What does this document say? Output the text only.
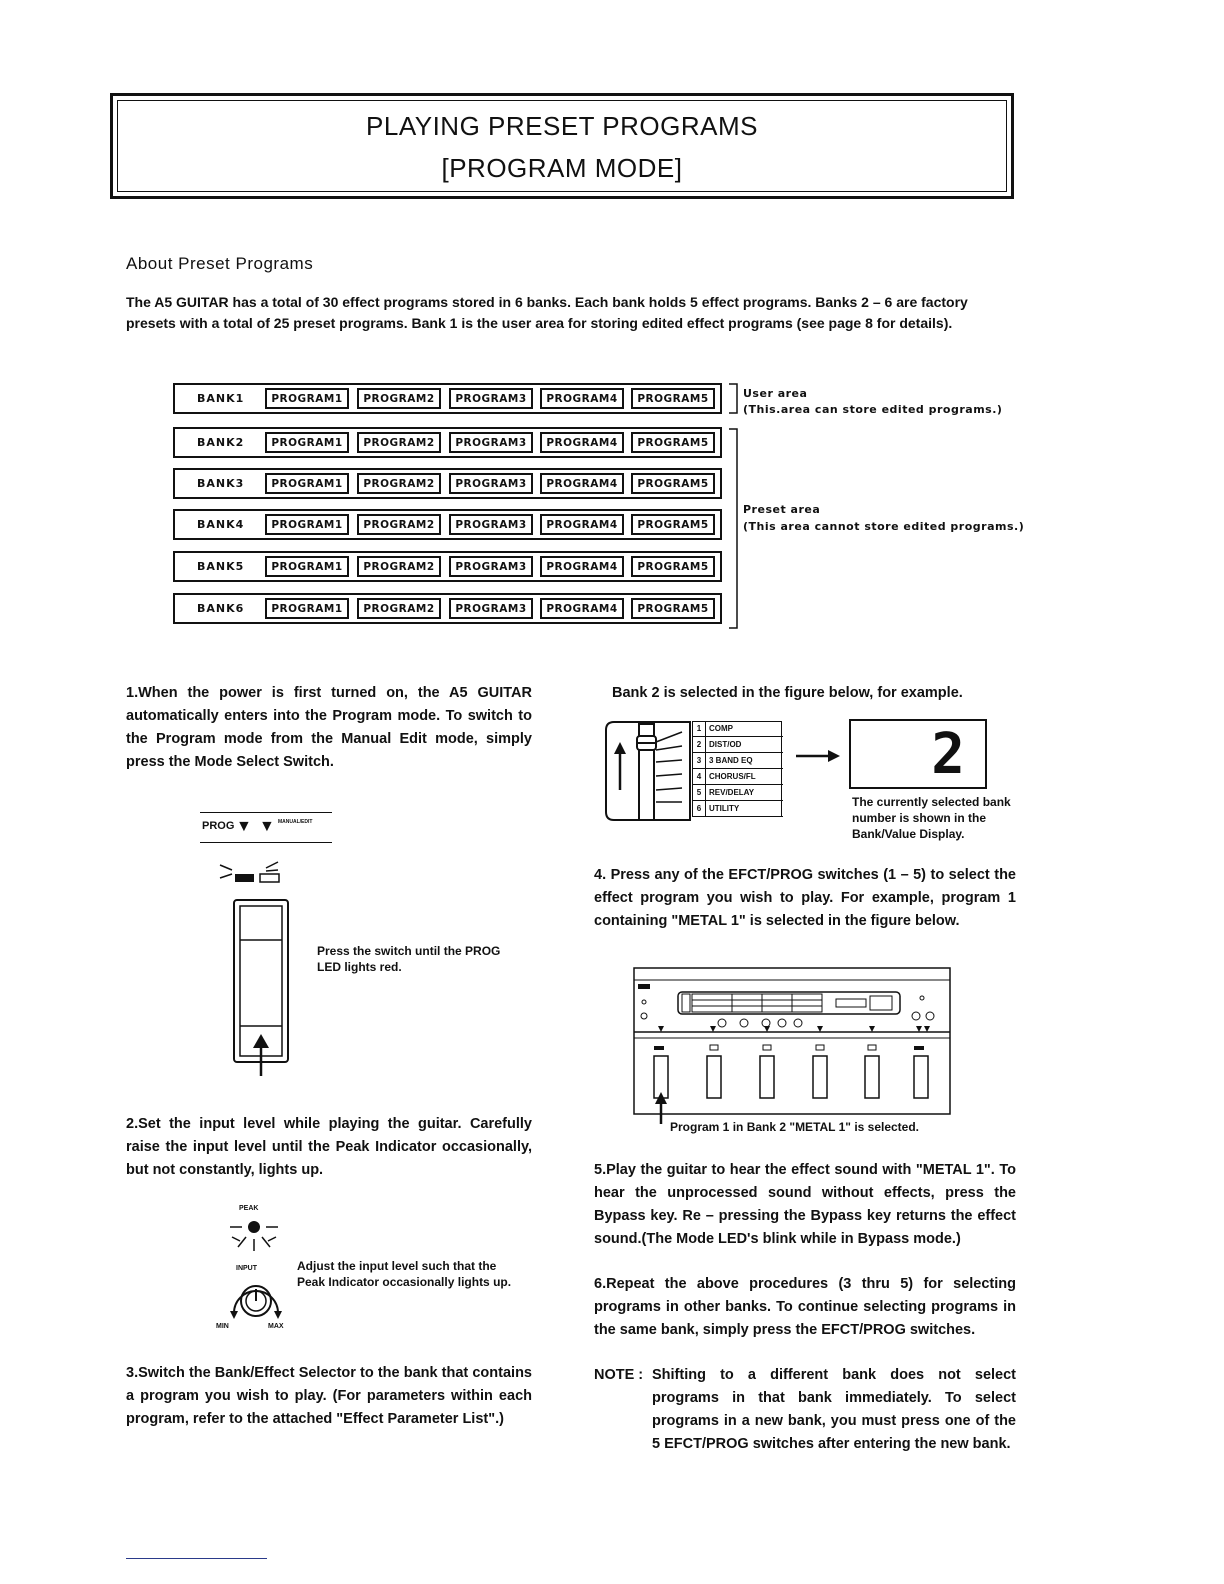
PLAYING PRESET PROGRAMS
[PROGRAM MODE]
About Preset Programs
The A5 GUITAR has a total of 30 effect programs stored in 6 banks. Each bank holds 5 effect programs. Banks 2 – 6 are factory presets with a total of 25 preset programs. Bank 1 is the user area for storing edited effect programs (see page 8 for details).
BANK1	PROGRAM1	PROGRAM2	PROGRAM3	PROGRAM4	PROGRAM5
BANK2	PROGRAM1	PROGRAM2	PROGRAM3	PROGRAM4	PROGRAM5
BANK3	PROGRAM1	PROGRAM2	PROGRAM3	PROGRAM4	PROGRAM5
BANK4	PROGRAM1	PROGRAM2	PROGRAM3	PROGRAM4	PROGRAM5
BANK5	PROGRAM1	PROGRAM2	PROGRAM3	PROGRAM4	PROGRAM5
BANK6	PROGRAM1	PROGRAM2	PROGRAM3	PROGRAM4	PROGRAM5
User area
(This.area can store edited programs.)
Preset area
(This area cannot store edited programs.)
1.When the power is first turned on, the A5 GUITAR automatically enters into the Program mode. To switch to the Program mode from the Manual Edit mode, simply press the Mode Select Switch.
PROG ▼ ▼ MANUAL/EDIT
Press the switch until the PROG LED lights red.
2.Set the input level while playing the guitar. Carefully raise the input level until the Peak Indicator occasionally, but not constantly, lights up.
PEAK
INPUT
MIN	MAX
Adjust the input level such that the Peak Indicator occasionally lights up.
3.Switch the Bank/Effect Selector to the bank that contains a program you wish to play. (For parameters within each program, refer to the attached "Effect Parameter List".)
Bank 2 is selected in the figure below, for example.
1 COMP
2 DIST/OD
3 3 BAND EQ
4 CHORUS/FL
5 REV/DELAY
6 UTILITY
2
The currently selected bank number is shown in the Bank/Value Display.
4. Press any of the EFCT/PROG switches (1 – 5) to select the effect program you wish to play. For example, program 1 containing "METAL 1" is selected in the figure below.
Program 1 in Bank 2 "METAL 1" is selected.
5.Play the guitar to hear the effect sound with "METAL 1". To hear the unprocessed sound without effects, press the Bypass key. Re – pressing the Bypass key returns the effect sound.(The Mode LED's blink while in Bypass mode.)
6.Repeat the above procedures (3 thru 5) for selecting programs in other banks. To continue selecting programs in the same bank, simply press the EFCT/PROG switches.
NOTE : Shifting to a different bank does not select programs in that bank immediately. To select programs in a new bank, you must press one of the 5 EFCT/PROG switches after entering the new bank.
